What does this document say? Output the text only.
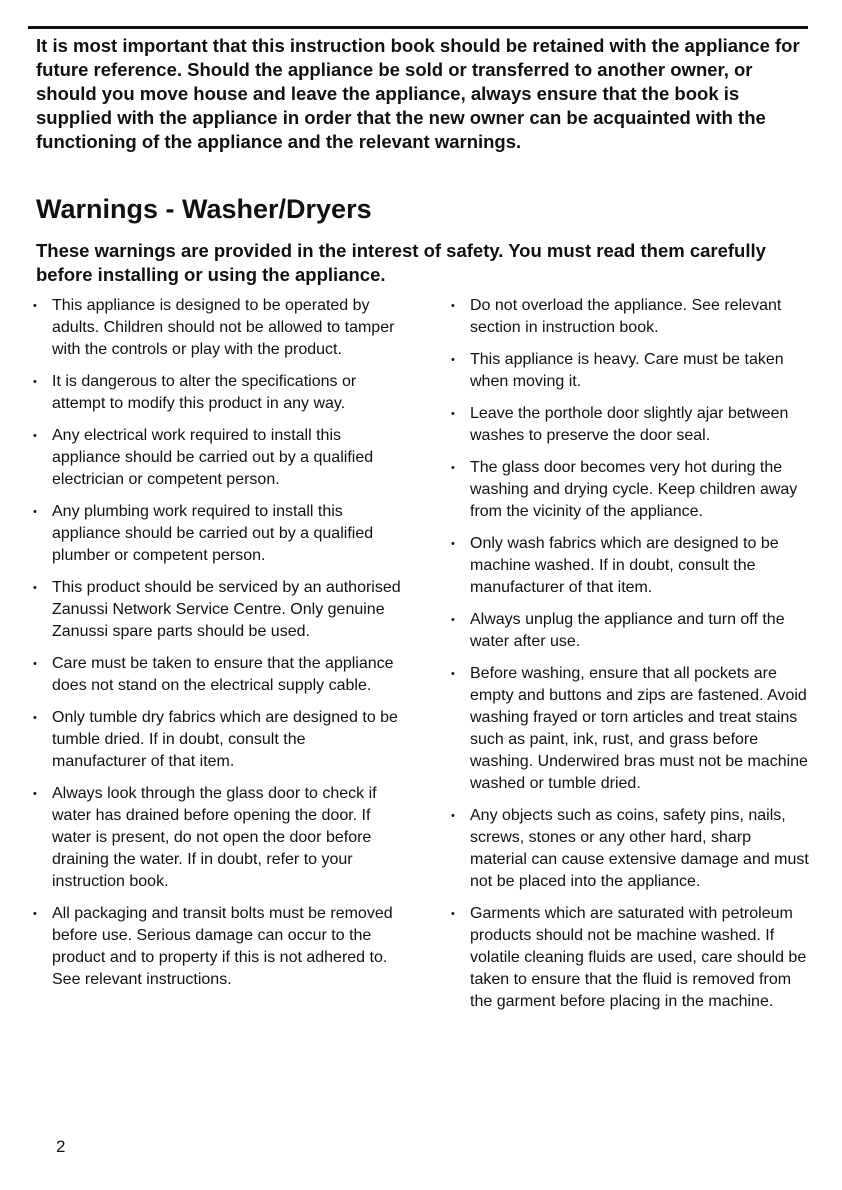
It is most important that this instruction book should be retained with the appliance for future reference. Should the appliance be sold or transferred to another owner, or should you move house and leave the appliance, always ensure that the book is supplied with the appliance in order that the new owner can be acquainted with the functioning of the appliance and the relevant warnings.

Warnings - Washer/Dryers

These warnings are provided in the interest of safety. You must read them carefully before installing or using the appliance.

• This appliance is designed to be operated by adults. Children should not be allowed to tamper with the controls or play with the product.
• It is dangerous to alter the specifications or attempt to modify this product in any way.
• Any electrical work required to install this appliance should be carried out by a qualified electrician or competent person.
• Any plumbing work required to install this appliance should be carried out by a qualified plumber or competent person.
• This product should be serviced by an authorised Zanussi Network Service Centre. Only genuine Zanussi spare parts should be used.
• Care must be taken to ensure that the appliance does not stand on the electrical supply cable.
• Only tumble dry fabrics which are designed to be tumble dried. If in doubt, consult the manufacturer of that item.
• Always look through the glass door to check if water has drained before opening the door. If water is present, do not open the door before draining the water. If in doubt, refer to your instruction book.
• All packaging and transit bolts must be removed before use. Serious damage can occur to the product and to property if this is not adhered to. See relevant instructions.
• Do not overload the appliance. See relevant section in instruction book.
• This appliance is heavy. Care must be taken when moving it.
• Leave the porthole door slightly ajar between washes to preserve the door seal.
• The glass door becomes very hot during the washing and drying cycle. Keep children away from the vicinity of the appliance.
• Only wash fabrics which are designed to be machine washed. If in doubt, consult the manufacturer of that item.
• Always unplug the appliance and turn off the water after use.
• Before washing, ensure that all pockets are empty and buttons and zips are fastened. Avoid washing frayed or torn articles and treat stains such as paint, ink, rust, and grass before washing. Underwired bras must not be machine washed or tumble dried.
• Any objects such as coins, safety pins, nails, screws, stones or any other hard, sharp material can cause extensive damage and must not be placed into the appliance.
• Garments which are saturated with petroleum products should not be machine washed. If volatile cleaning fluids are used, care should be taken to ensure that the fluid is removed from the garment before placing in the machine.
2
